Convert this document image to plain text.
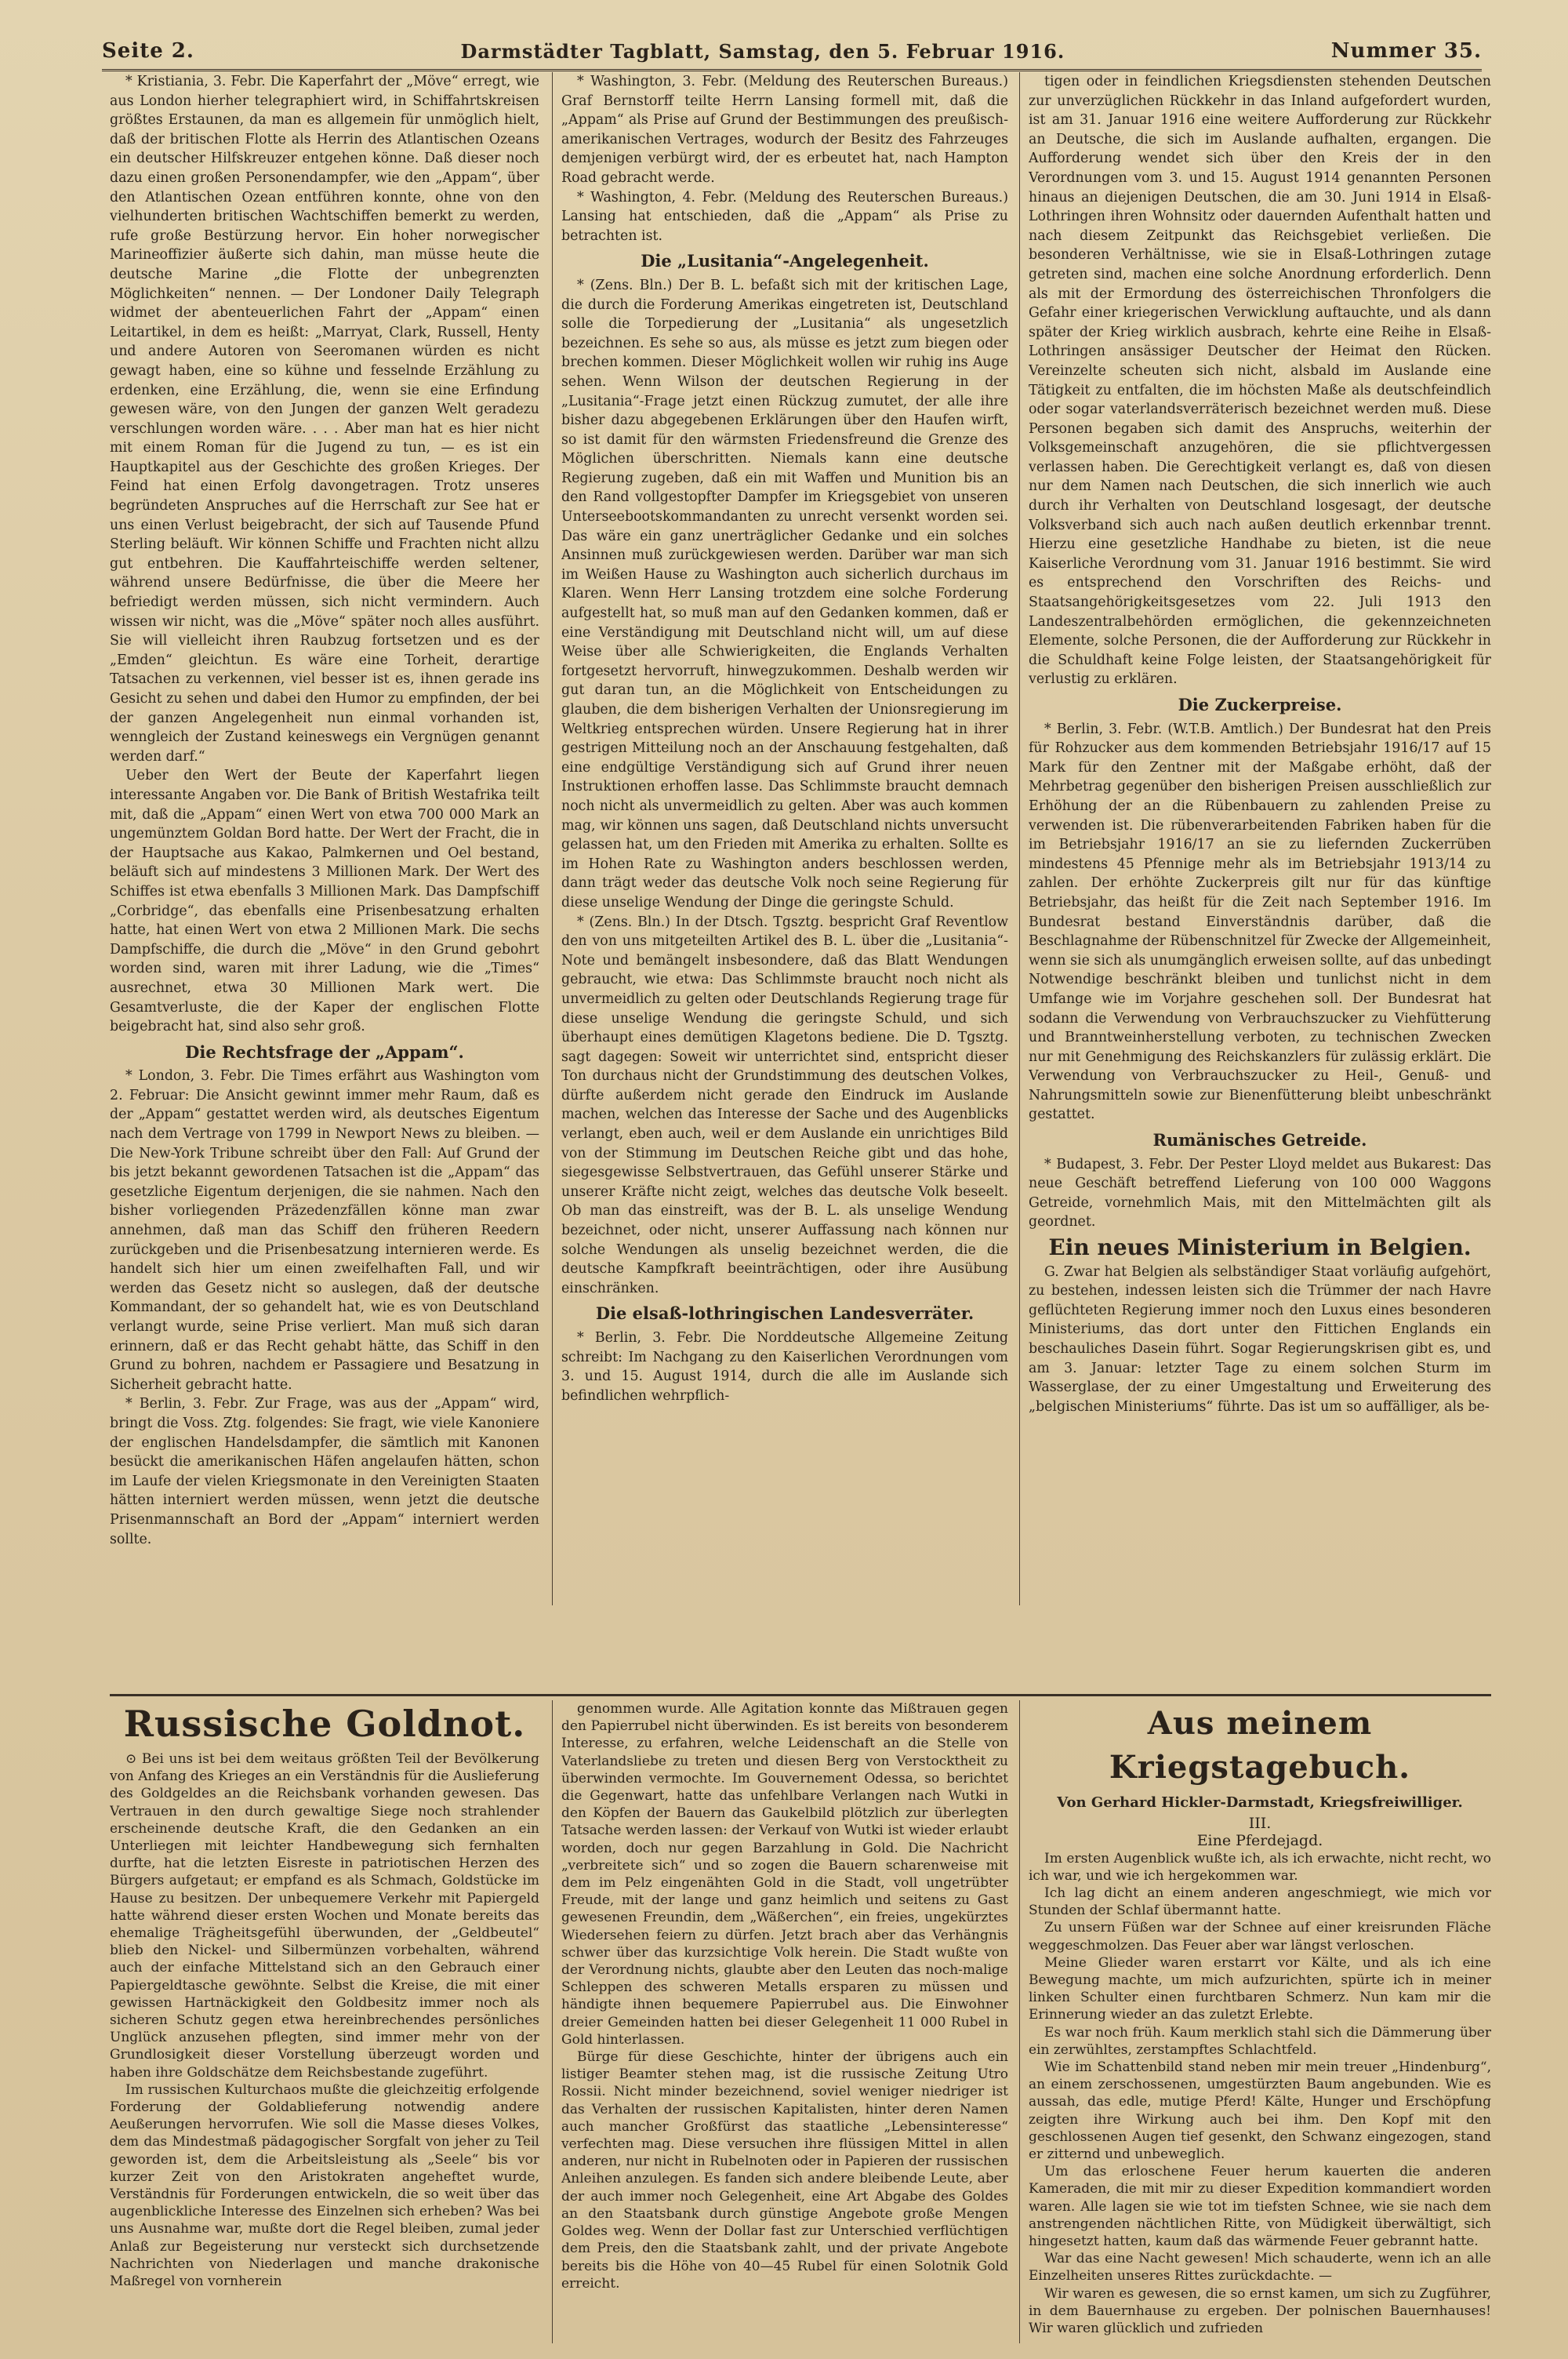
Seite 2.	Darmstädter Tagblatt, Samstag, den 5. Februar 1916.	Nummer 35.

* Kristiania, 3. Febr. Die Kaperfahrt der „Möve“ erregt, wie aus London hierher telegraphiert wird, in Schiffahrtskreisen größtes Erstaunen, da man es allgemein für unmöglich hielt, daß der britischen Flotte als Herrin des Atlantischen Ozeans ein deutscher Hilfskreuzer entgehen könne. Daß dieser noch dazu einen großen Personendampfer, wie den „Appam“, über den Atlantischen Ozean entführen konnte, ohne von den vielhunderten britischen Wachtschiffen bemerkt zu werden, rufe große Bestürzung hervor. Ein hoher norwegischer Marineoffizier äußerte sich dahin, man müsse heute die deutsche Marine „die Flotte der unbegrenzten Möglichkeiten“ nennen. — Der Londoner Daily Telegraph widmet der abenteuerlichen Fahrt der „Appam“ einen Leitartikel, in dem es heißt: „Marryat, Clark, Russell, Henty und andere Autoren von Seeromanen würden es nicht gewagt haben, eine so kühne und fesselnde Erzählung zu erdenken, eine Erzählung, die, wenn sie eine Erfindung gewesen wäre, von den Jungen der ganzen Welt geradezu verschlungen worden wäre. . . . Aber man hat es hier nicht mit einem Roman für die Jugend zu tun, — es ist ein Hauptkapitel aus der Geschichte des großen Krieges. Der Feind hat einen Erfolg davongetragen. Trotz unseres begründeten Anspruches auf die Herrschaft zur See hat er uns einen Verlust beigebracht, der sich auf Tausende Pfund Sterling beläuft. Wir können Schiffe und Frachten nicht allzu gut entbehren. Die Kauffahrteischiffe werden seltener, während unsere Bedürfnisse, die über die Meere her befriedigt werden müssen, sich nicht vermindern. Auch wissen wir nicht, was die „Möve“ später noch alles ausführt. Sie will vielleicht ihren Raubzug fortsetzen und es der „Emden“ gleichtun. Es wäre eine Torheit, derartige Tatsachen zu verkennen, viel besser ist es, ihnen gerade ins Gesicht zu sehen und dabei den Humor zu empfinden, der bei der ganzen Angelegenheit nun einmal vorhanden ist, wenngleich der Zustand keineswegs ein Vergnügen genannt werden darf.“

Ueber den Wert der Beute der Kaperfahrt liegen interessante Angaben vor. Die Bank of British Westafrika teilt mit, daß die „Appam“ einen Wert von etwa 700 000 Mark an ungemünztem Goldan Bord hatte. Der Wert der Fracht, die in der Hauptsache aus Kakao, Palmkernen und Oel bestand, beläuft sich auf mindestens 3 Millionen Mark. Der Wert des Schiffes ist etwa ebenfalls 3 Millionen Mark. Das Dampfschiff „Corbridge“, das ebenfalls eine Prisenbesatzung erhalten hatte, hat einen Wert von etwa 2 Millionen Mark. Die sechs Dampfschiffe, die durch die „Möve“ in den Grund gebohrt worden sind, waren mit ihrer Ladung, wie die „Times“ ausrechnet, etwa 30 Millionen Mark wert. Die Gesamtverluste, die der Kaper der englischen Flotte beigebracht hat, sind also sehr groß.

Die Rechtsfrage der „Appam“.

* London, 3. Febr. Die Times erfährt aus Washington vom 2. Februar: Die Ansicht gewinnt immer mehr Raum, daß es der „Appam“ gestattet werden wird, als deutsches Eigentum nach dem Vertrage von 1799 in Newport News zu bleiben. — Die New-York Tribune schreibt über den Fall: Auf Grund der bis jetzt bekannt gewordenen Tatsachen ist die „Appam“ das gesetzliche Eigentum derjenigen, die sie nahmen. Nach den bisher vorliegenden Präzedenzfällen könne man zwar annehmen, daß man das Schiff den früheren Reedern zurückgeben und die Prisenbesatzung internieren werde. Es handelt sich hier um einen zweifelhaften Fall, und wir werden das Gesetz nicht so auslegen, daß der deutsche Kommandant, der so gehandelt hat, wie es von Deutschland verlangt wurde, seine Prise verliert. Man muß sich daran erinnern, daß er das Recht gehabt hätte, das Schiff in den Grund zu bohren, nachdem er Passagiere und Besatzung in Sicherheit gebracht hatte.

* Berlin, 3. Febr. Zur Frage, was aus der „Appam“ wird, bringt die Voss. Ztg. folgendes: Sie fragt, wie viele Kanoniere der englischen Handelsdampfer, die sämtlich mit Kanonen besückt die amerikanischen Häfen angelaufen hätten, schon im Laufe der vielen Kriegsmonate in den Vereinigten Staaten hätten interniert werden müssen, wenn jetzt die deutsche Prisenmannschaft an Bord der „Appam“ interniert werden sollte.

* Washington, 3. Febr. (Meldung des Reuterschen Bureaus.) Graf Bernstorff teilte Herrn Lansing formell mit, daß die „Appam“ als Prise auf Grund der Bestimmungen des preußisch-amerikanischen Vertrages, wodurch der Besitz des Fahrzeuges demjenigen verbürgt wird, der es erbeutet hat, nach Hampton Road gebracht werde.

* Washington, 4. Febr. (Meldung des Reuterschen Bureaus.) Lansing hat entschieden, daß die „Appam“ als Prise zu betrachten ist.

Die „Lusitania“-Angelegenheit.

* (Zens. Bln.) Der B. L. befaßt sich mit der kritischen Lage, die durch die Forderung Amerikas eingetreten ist, Deutschland solle die Torpedierung der „Lusitania“ als ungesetzlich bezeichnen. Es sehe so aus, als müsse es jetzt zum biegen oder brechen kommen. Dieser Möglichkeit wollen wir ruhig ins Auge sehen. Wenn Wilson der deutschen Regierung in der „Lusitania“-Frage jetzt einen Rückzug zumutet, der alle ihre bisher dazu abgegebenen Erklärungen über den Haufen wirft, so ist damit für den wärmsten Friedensfreund die Grenze des Möglichen überschritten. Niemals kann eine deutsche Regierung zugeben, daß ein mit Waffen und Munition bis an den Rand vollgestopfter Dampfer im Kriegsgebiet von unseren Unterseebootskommandanten zu unrecht versenkt worden sei. Das wäre ein ganz unerträglicher Gedanke und ein solches Ansinnen muß zurückgewiesen werden. Darüber war man sich im Weißen Hause zu Washington auch sicherlich durchaus im Klaren. Wenn Herr Lansing trotzdem eine solche Forderung aufgestellt hat, so muß man auf den Gedanken kommen, daß er eine Verständigung mit Deutschland nicht will, um auf diese Weise über alle Schwierigkeiten, die Englands Verhalten fortgesetzt hervorruft, hinwegzukommen. Deshalb werden wir gut daran tun, an die Möglichkeit von Entscheidungen zu glauben, die dem bisherigen Verhalten der Unionsregierung im Weltkrieg entsprechen würden. Unsere Regierung hat in ihrer gestrigen Mitteilung noch an der Anschauung festgehalten, daß eine endgültige Verständigung sich auf Grund ihrer neuen Instruktionen erhoffen lasse. Das Schlimmste braucht demnach noch nicht als unvermeidlich zu gelten. Aber was auch kommen mag, wir können uns sagen, daß Deutschland nichts unversucht gelassen hat, um den Frieden mit Amerika zu erhalten. Sollte es im Hohen Rate zu Washington anders beschlossen werden, dann trägt weder das deutsche Volk noch seine Regierung für diese unselige Wendung der Dinge die geringste Schuld.

* (Zens. Bln.) In der Dtsch. Tgsztg. bespricht Graf Reventlow den von uns mitgeteilten Artikel des B. L. über die „Lusitania“-Note und bemängelt insbesondere, daß das Blatt Wendungen gebraucht, wie etwa: Das Schlimmste braucht noch nicht als unvermeidlich zu gelten oder Deutschlands Regierung trage für diese unselige Wendung die geringste Schuld, und sich überhaupt eines demütigen Klagetons bediene. Die D. Tgsztg. sagt dagegen: Soweit wir unterrichtet sind, entspricht dieser Ton durchaus nicht der Grundstimmung des deutschen Volkes, dürfte außerdem nicht gerade den Eindruck im Auslande machen, welchen das Interesse der Sache und des Augenblicks verlangt, eben auch, weil er dem Auslande ein unrichtiges Bild von der Stimmung im Deutschen Reiche gibt und das hohe, siegesgewisse Selbstvertrauen, das Gefühl unserer Stärke und unserer Kräfte nicht zeigt, welches das deutsche Volk beseelt. Ob man das einstreift, was der B. L. als unselige Wendung bezeichnet, oder nicht, unserer Auffassung nach können nur solche Wendungen als unselig bezeichnet werden, die die deutsche Kampfkraft beeinträchtigen, oder ihre Ausübung einschränken.

Die elsaß-lothringischen Landesverräter.

* Berlin, 3. Febr. Die Norddeutsche Allgemeine Zeitung schreibt: Im Nachgang zu den Kaiserlichen Verordnungen vom 3. und 15. August 1914, durch die alle im Auslande sich befindlichen wehrpflich-

tigen oder in feindlichen Kriegsdiensten stehenden Deutschen zur unverzüglichen Rückkehr in das Inland aufgefordert wurden, ist am 31. Januar 1916 eine weitere Aufforderung zur Rückkehr an Deutsche, die sich im Auslande aufhalten, ergangen. Die Aufforderung wendet sich über den Kreis der in den Verordnungen vom 3. und 15. August 1914 genannten Personen hinaus an diejenigen Deutschen, die am 30. Juni 1914 in Elsaß-Lothringen ihren Wohnsitz oder dauernden Aufenthalt hatten und nach diesem Zeitpunkt das Reichsgebiet verließen. Die besonderen Verhältnisse, wie sie in Elsaß-Lothringen zutage getreten sind, machen eine solche Anordnung erforderlich. Denn als mit der Ermordung des österreichischen Thronfolgers die Gefahr einer kriegerischen Verwicklung auftauchte, und als dann später der Krieg wirklich ausbrach, kehrte eine Reihe in Elsaß-Lothringen ansässiger Deutscher der Heimat den Rücken. Vereinzelte scheuten sich nicht, alsbald im Auslande eine Tätigkeit zu entfalten, die im höchsten Maße als deutschfeindlich oder sogar vaterlandsverräterisch bezeichnet werden muß. Diese Personen begaben sich damit des Anspruchs, weiterhin der Volksgemeinschaft anzugehören, die sie pflichtvergessen verlassen haben. Die Gerechtigkeit verlangt es, daß von diesen nur dem Namen nach Deutschen, die sich innerlich wie auch durch ihr Verhalten von Deutschland losgesagt, der deutsche Volksverband sich auch nach außen deutlich erkennbar trennt. Hierzu eine gesetzliche Handhabe zu bieten, ist die neue Kaiserliche Verordnung vom 31. Januar 1916 bestimmt. Sie wird es entsprechend den Vorschriften des Reichs- und Staatsangehörigkeitsgesetzes vom 22. Juli 1913 den Landeszentralbehörden ermöglichen, die gekennzeichneten Elemente, solche Personen, die der Aufforderung zur Rückkehr in die Schuldhaft keine Folge leisten, der Staatsangehörigkeit für verlustig zu erklären.

Die Zuckerpreise.

* Berlin, 3. Febr. (W.T.B. Amtlich.) Der Bundesrat hat den Preis für Rohzucker aus dem kommenden Betriebsjahr 1916/17 auf 15 Mark für den Zentner mit der Maßgabe erhöht, daß der Mehrbetrag gegenüber den bisherigen Preisen ausschließlich zur Erhöhung der an die Rübenbauern zu zahlenden Preise zu verwenden ist. Die rübenverarbeitenden Fabriken haben für die im Betriebsjahr 1916/17 an sie zu liefernden Zuckerrüben mindestens 45 Pfennige mehr als im Betriebsjahr 1913/14 zu zahlen. Der erhöhte Zuckerpreis gilt nur für das künftige Betriebsjahr, das heißt für die Zeit nach September 1916. Im Bundesrat bestand Einverständnis darüber, daß die Beschlagnahme der Rübenschnitzel für Zwecke der Allgemeinheit, wenn sie sich als unumgänglich erweisen sollte, auf das unbedingt Notwendige beschränkt bleiben und tunlichst nicht in dem Umfange wie im Vorjahre geschehen soll. Der Bundesrat hat sodann die Verwendung von Verbrauchszucker zu Viehfütterung und Branntweinherstellung verboten, zu technischen Zwecken nur mit Genehmigung des Reichskanzlers für zulässig erklärt. Die Verwendung von Verbrauchszucker zu Heil-, Genuß- und Nahrungsmitteln sowie zur Bienenfütterung bleibt unbeschränkt gestattet.

Rumänisches Getreide.

* Budapest, 3. Febr. Der Pester Lloyd meldet aus Bukarest: Das neue Geschäft betreffend Lieferung von 100 000 Waggons Getreide, vornehmlich Mais, mit den Mittelmächten gilt als geordnet.

Ein neues Ministerium in Belgien.

G. Zwar hat Belgien als selbständiger Staat vorläufig aufgehört, zu bestehen, indessen leisten sich die Trümmer der nach Havre geflüchteten Regierung immer noch den Luxus eines besonderen Ministeriums, das dort unter den Fittichen Englands ein beschauliches Dasein führt. Sogar Regierungskrisen gibt es, und am 3. Januar: letzter Tage zu einem solchen Sturm im Wasserglase, der zu einer Umgestaltung und Erweiterung des „belgischen Ministeriums“ führte. Das ist um so auffälliger, als be-

Russische Goldnot.

⊙ Bei uns ist bei dem weitaus größten Teil der Bevölkerung von Anfang des Krieges an ein Verständnis für die Auslieferung des Goldgeldes an die Reichsbank vorhanden gewesen. Das Vertrauen in den durch gewaltige Siege noch strahlender erscheinende deutsche Kraft, die den Gedanken an ein Unterliegen mit leichter Handbewegung sich fernhalten durfte, hat die letzten Eisreste in patriotischen Herzen des Bürgers aufgetaut; er empfand es als Schmach, Goldstücke im Hause zu besitzen. Der unbequemere Verkehr mit Papiergeld hatte während dieser ersten Wochen und Monate bereits das ehemalige Trägheitsgefühl überwunden, der „Geldbeutel“ blieb den Nickel- und Silbermünzen vorbehalten, während auch der einfache Mittelstand sich an den Gebrauch einer Papiergeldtasche gewöhnte. Selbst die Kreise, die mit einer gewissen Hartnäckigkeit den Goldbesitz immer noch als sicheren Schutz gegen etwa hereinbrechendes persönliches Unglück anzusehen pflegten, sind immer mehr von der Grundlosigkeit dieser Vorstellung überzeugt worden und haben ihre Goldschätze dem Reichsbestande zugeführt.

Im russischen Kulturchaos mußte die gleichzeitig erfolgende Forderung der Goldablieferung notwendig andere Aeußerungen hervorrufen. Wie soll die Masse dieses Volkes, dem das Mindestmaß pädagogischer Sorgfalt von jeher zu Teil geworden ist, dem die Arbeitsleistung als „Seele“ bis vor kurzer Zeit von den Aristokraten angeheftet wurde, Verständnis für Forderungen entwickeln, die so weit über das augenblickliche Interesse des Einzelnen sich erheben? Was bei uns Ausnahme war, mußte dort die Regel bleiben, zumal jeder Anlaß zur Begeisterung nur versteckt sich durchsetzende Nachrichten von Niederlagen und manche drakonische Maßregel von vornherein

genommen wurde. Alle Agitation konnte das Mißtrauen gegen den Papierrubel nicht überwinden. Es ist bereits von besonderem Interesse, zu erfahren, welche Leidenschaft an die Stelle von Vaterlandsliebe zu treten und diesen Berg von Verstocktheit zu überwinden vermochte. Im Gouvernement Odessa, so berichtet die Gegenwart, hatte das unfehlbare Verlangen nach Wutki in den Köpfen der Bauern das Gaukelbild plötzlich zur überlegten Tatsache werden lassen: der Verkauf von Wutki ist wieder erlaubt worden, doch nur gegen Barzahlung in Gold. Die Nachricht „verbreitete sich“ und so zogen die Bauern scharenweise mit dem im Pelz eingenähten Gold in die Stadt, voll ungetrübter Freude, mit der lange und ganz heimlich und seitens zu Gast gewesenen Freundin, dem „Wäßerchen“, ein freies, ungekürztes Wiedersehen feiern zu dürfen. Jetzt brach aber das Verhängnis schwer über das kurzsichtige Volk herein. Die Stadt wußte von der Verordnung nichts, glaubte aber den Leuten das noch-malige Schleppen des schweren Metalls ersparen zu müssen und händigte ihnen bequemere Papierrubel aus. Die Einwohner dreier Gemeinden hatten bei dieser Gelegenheit 11 000 Rubel in Gold hinterlassen.

Bürge für diese Geschichte, hinter der übrigens auch ein listiger Beamter stehen mag, ist die russische Zeitung Utro Rossii. Nicht minder bezeichnend, soviel weniger niedriger ist das Verhalten der russischen Kapitalisten, hinter deren Namen auch mancher Großfürst das staatliche „Lebensinteresse“ verfechten mag. Diese versuchen ihre flüssigen Mittel in allen anderen, nur nicht in Rubelnoten oder in Papieren der russischen Anleihen anzulegen. Es fanden sich andere bleibende Leute, aber der auch immer noch Gelegenheit, eine Art Abgabe des Goldes an den Staatsbank durch günstige Angebote große Mengen Goldes weg. Wenn der Dollar fast zur Unterschied verflüchtigen dem Preis, den die Staatsbank zahlt, und der private Angebote bereits bis die Höhe von 40—45 Rubel für einen Solotnik Gold erreicht.

Aus meinem Kriegstagebuch.
Von Gerhard Hickler-Darmstadt, Kriegsfreiwilliger.
III.
Eine Pferdejagd.

Im ersten Augenblick wußte ich, als ich erwachte, nicht recht, wo ich war, und wie ich hergekommen war.

Ich lag dicht an einem anderen angeschmiegt, wie mich vor Stunden der Schlaf übermannt hatte.

Zu unsern Füßen war der Schnee auf einer kreisrunden Fläche weggeschmolzen. Das Feuer aber war längst verloschen.

Meine Glieder waren erstarrt vor Kälte, und als ich eine Bewegung machte, um mich aufzurichten, spürte ich in meiner linken Schulter einen furchtbaren Schmerz. Nun kam mir die Erinnerung wieder an das zuletzt Erlebte.

Es war noch früh. Kaum merklich stahl sich die Dämmerung über ein zerwühltes, zerstampftes Schlachtfeld.

Wie im Schattenbild stand neben mir mein treuer „Hindenburg“, an einem zerschossenen, umgestürzten Baum angebunden. Wie es aussah, das edle, mutige Pferd! Kälte, Hunger und Erschöpfung zeigten ihre Wirkung auch bei ihm. Den Kopf mit den geschlossenen Augen tief gesenkt, den Schwanz eingezogen, stand er zitternd und unbeweglich.

Um das erloschene Feuer herum kauerten die anderen Kameraden, die mit mir zu dieser Expedition kommandiert worden waren. Alle lagen sie wie tot im tiefsten Schnee, wie sie nach dem anstrengenden nächtlichen Ritte, von Müdigkeit überwältigt, sich hingesetzt hatten, kaum daß das wärmende Feuer gebrannt hatte.

War das eine Nacht gewesen! Mich schauderte, wenn ich an alle Einzelheiten unseres Rittes zurückdachte. —

Wir waren es gewesen, die so ernst kamen, um sich zu Zugführer, in dem Bauernhause zu ergeben. Der polnischen Bauernhauses! Wir waren glücklich und zufrieden
